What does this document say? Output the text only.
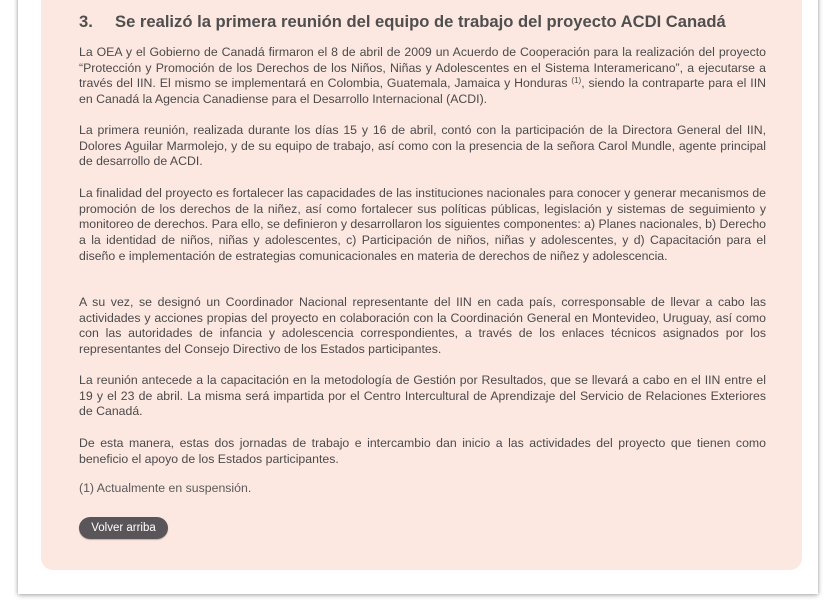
3. Se realizó la primera reunión del equipo de trabajo del proyecto ACDI Canadá

La OEA y el Gobierno de Canadá firmaron el 8 de abril de 2009 un Acuerdo de Cooperación para la realización del proyecto “Protección y Promoción de los Derechos de los Niños, Niñas y Adolescentes en el Sistema Interamericano”, a ejecutarse a través del IIN. El mismo se implementará en Colombia, Guatemala, Jamaica y Honduras $^{(1)}$, siendo la contraparte para el IIN en Canadá la Agencia Canadiense para el Desarrollo Internacional (ACDI).

La primera reunión, realizada durante los días 15 y 16 de abril, contó con la participación de la Directora General del IIN, Dolores Aguilar Marmolejo, y de su equipo de trabajo, así como con la presencia de la señora Carol Mundle, agente principal de desarrollo de ACDI.

La finalidad del proyecto es fortalecer las capacidades de las instituciones nacionales para conocer y generar mecanismos de promoción de los derechos de la niñez, así como fortalecer sus políticas públicas, legislación y sistemas de seguimiento y monitoreo de derechos. Para ello, se definieron y desarrollaron los siguientes componentes: a) Planes nacionales, b) Derecho a la identidad de niños, niñas y adolescentes, c) Participación de niños, niñas y adolescentes, y d) Capacitación para el diseño e implementación de estrategias comunicacionales en materia de derechos de niñez y adolescencia.

A su vez, se designó un Coordinador Nacional representante del IIN en cada país, corresponsable de llevar a cabo las actividades y acciones propias del proyecto en colaboración con la Coordinación General en Montevideo, Uruguay, así como con las autoridades de infancia y adolescencia correspondientes, a través de los enlaces técnicos asignados por los representantes del Consejo Directivo de los Estados participantes.

La reunión antecede a la capacitación en la metodología de Gestión por Resultados, que se llevará a cabo en el IIN entre el 19 y el 23 de abril. La misma será impartida por el Centro Intercultural de Aprendizaje del Servicio de Relaciones Exteriores de Canadá.

De esta manera, estas dos jornadas de trabajo e intercambio dan inicio a las actividades del proyecto que tienen como beneficio el apoyo de los Estados participantes.

(1) Actualmente en suspensión.

Volver arriba
